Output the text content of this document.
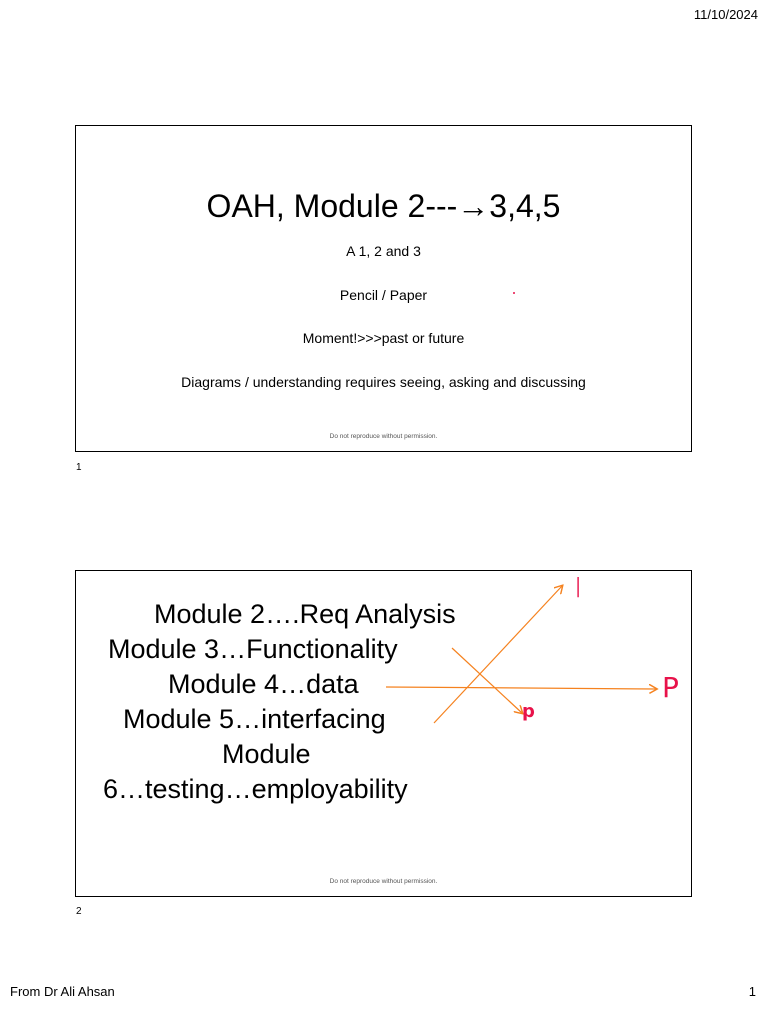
11/10/2024
OAH, Module 2---→3,4,5
A 1, 2 and 3
Pencil / Paper
Moment!>>>past or future
Diagrams / understanding requires seeing, asking and discussing
Do not reproduce without permission.
1
Module 2….Req Analysis
Module 3…Functionality
Module 4…data
Module 5…interfacing
Module
6…testing…employability
I
P
p
Do not reproduce without permission.
2
From Dr Ali Ahsan	1
